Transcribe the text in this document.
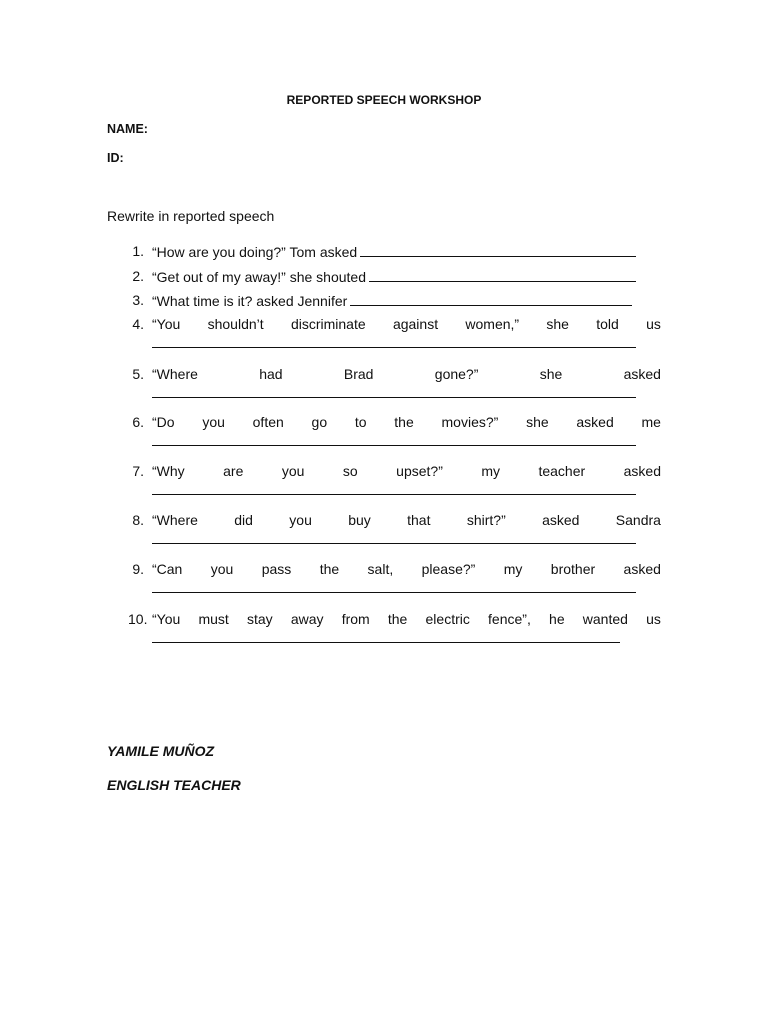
REPORTED SPEECH WORKSHOP
NAME:
ID:
Rewrite in reported speech
1. “How are you doing?” Tom asked
2. “Get out of my away!” she shouted
3. “What time is it? asked Jennifer
4. “You shouldn’t discriminate against women,” she told us
5. “Where	had	Brad	gone?”	she	asked
6. “Do you often go to the movies?” she asked me
7. “Why	are	you	so	upset?”	my	teacher	asked
8. “Where	did	you	buy	that	shirt?”	asked	Sandra
9. “Can you pass the salt, please?” my brother asked
10. “You must stay away from the electric fence”, he wanted us
YAMILE MUÑOZ
ENGLISH TEACHER
